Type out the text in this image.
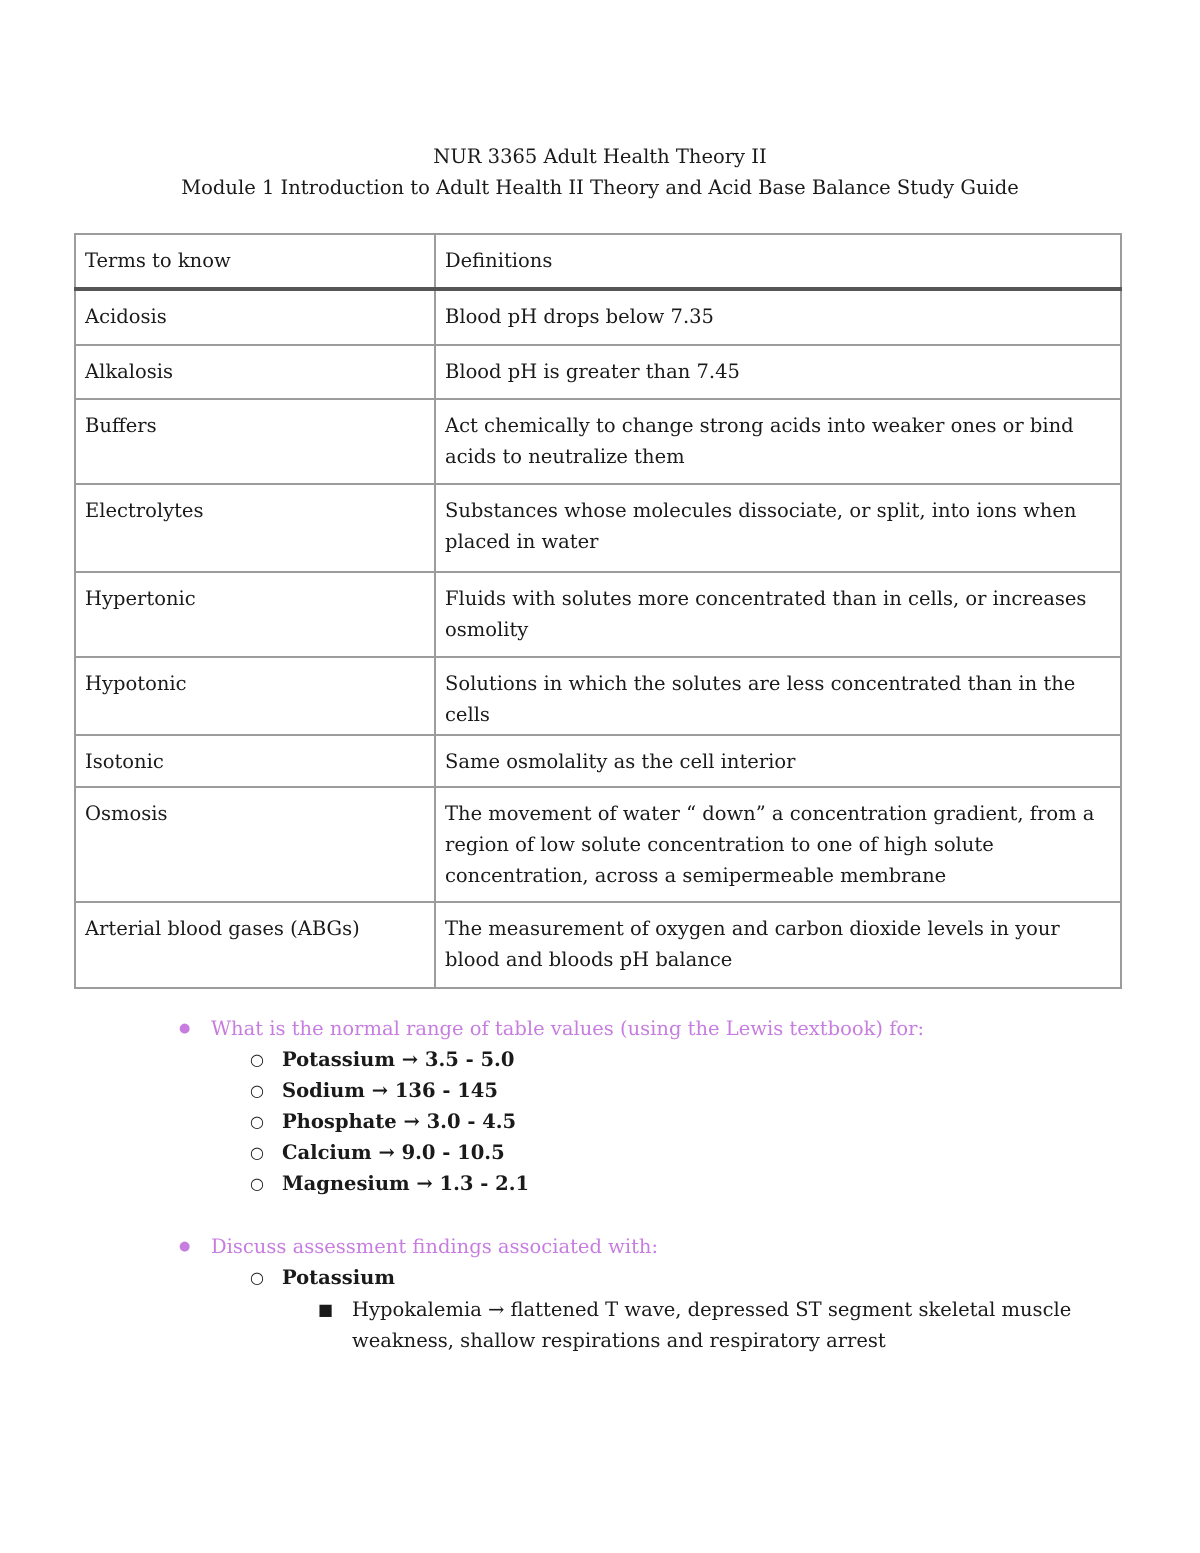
NUR 3365 Adult Health Theory II
Module 1 Introduction to Adult Health II Theory and Acid Base Balance Study Guide
Terms to know	Definitions
Acidosis	Blood pH drops below 7.35
Alkalosis	Blood pH is greater than 7.45
Buffers	Act chemically to change strong acids into weaker ones or bind acids to neutralize them
Electrolytes	Substances whose molecules dissociate, or split, into ions when placed in water
Hypertonic	Fluids with solutes more concentrated than in cells, or increases osmolity
Hypotonic	Solutions in which the solutes are less concentrated than in the cells
Isotonic	Same osmolality as the cell interior
Osmosis	The movement of water “ down” a concentration gradient, from a region of low solute concentration to one of high solute concentration, across a semipermeable membrane
Arterial blood gases (ABGs)	The measurement of oxygen and carbon dioxide levels in your blood and bloods pH balance
● What is the normal range of table values (using the Lewis textbook) for:
○ Potassium → 3.5 - 5.0
○ Sodium → 136 - 145
○ Phosphate → 3.0 - 4.5
○ Calcium → 9.0 - 10.5
○ Magnesium → 1.3 - 2.1
● Discuss assessment findings associated with:
○ Potassium
■ Hypokalemia → flattened T wave, depressed ST segment skeletal muscle weakness, shallow respirations and respiratory arrest
